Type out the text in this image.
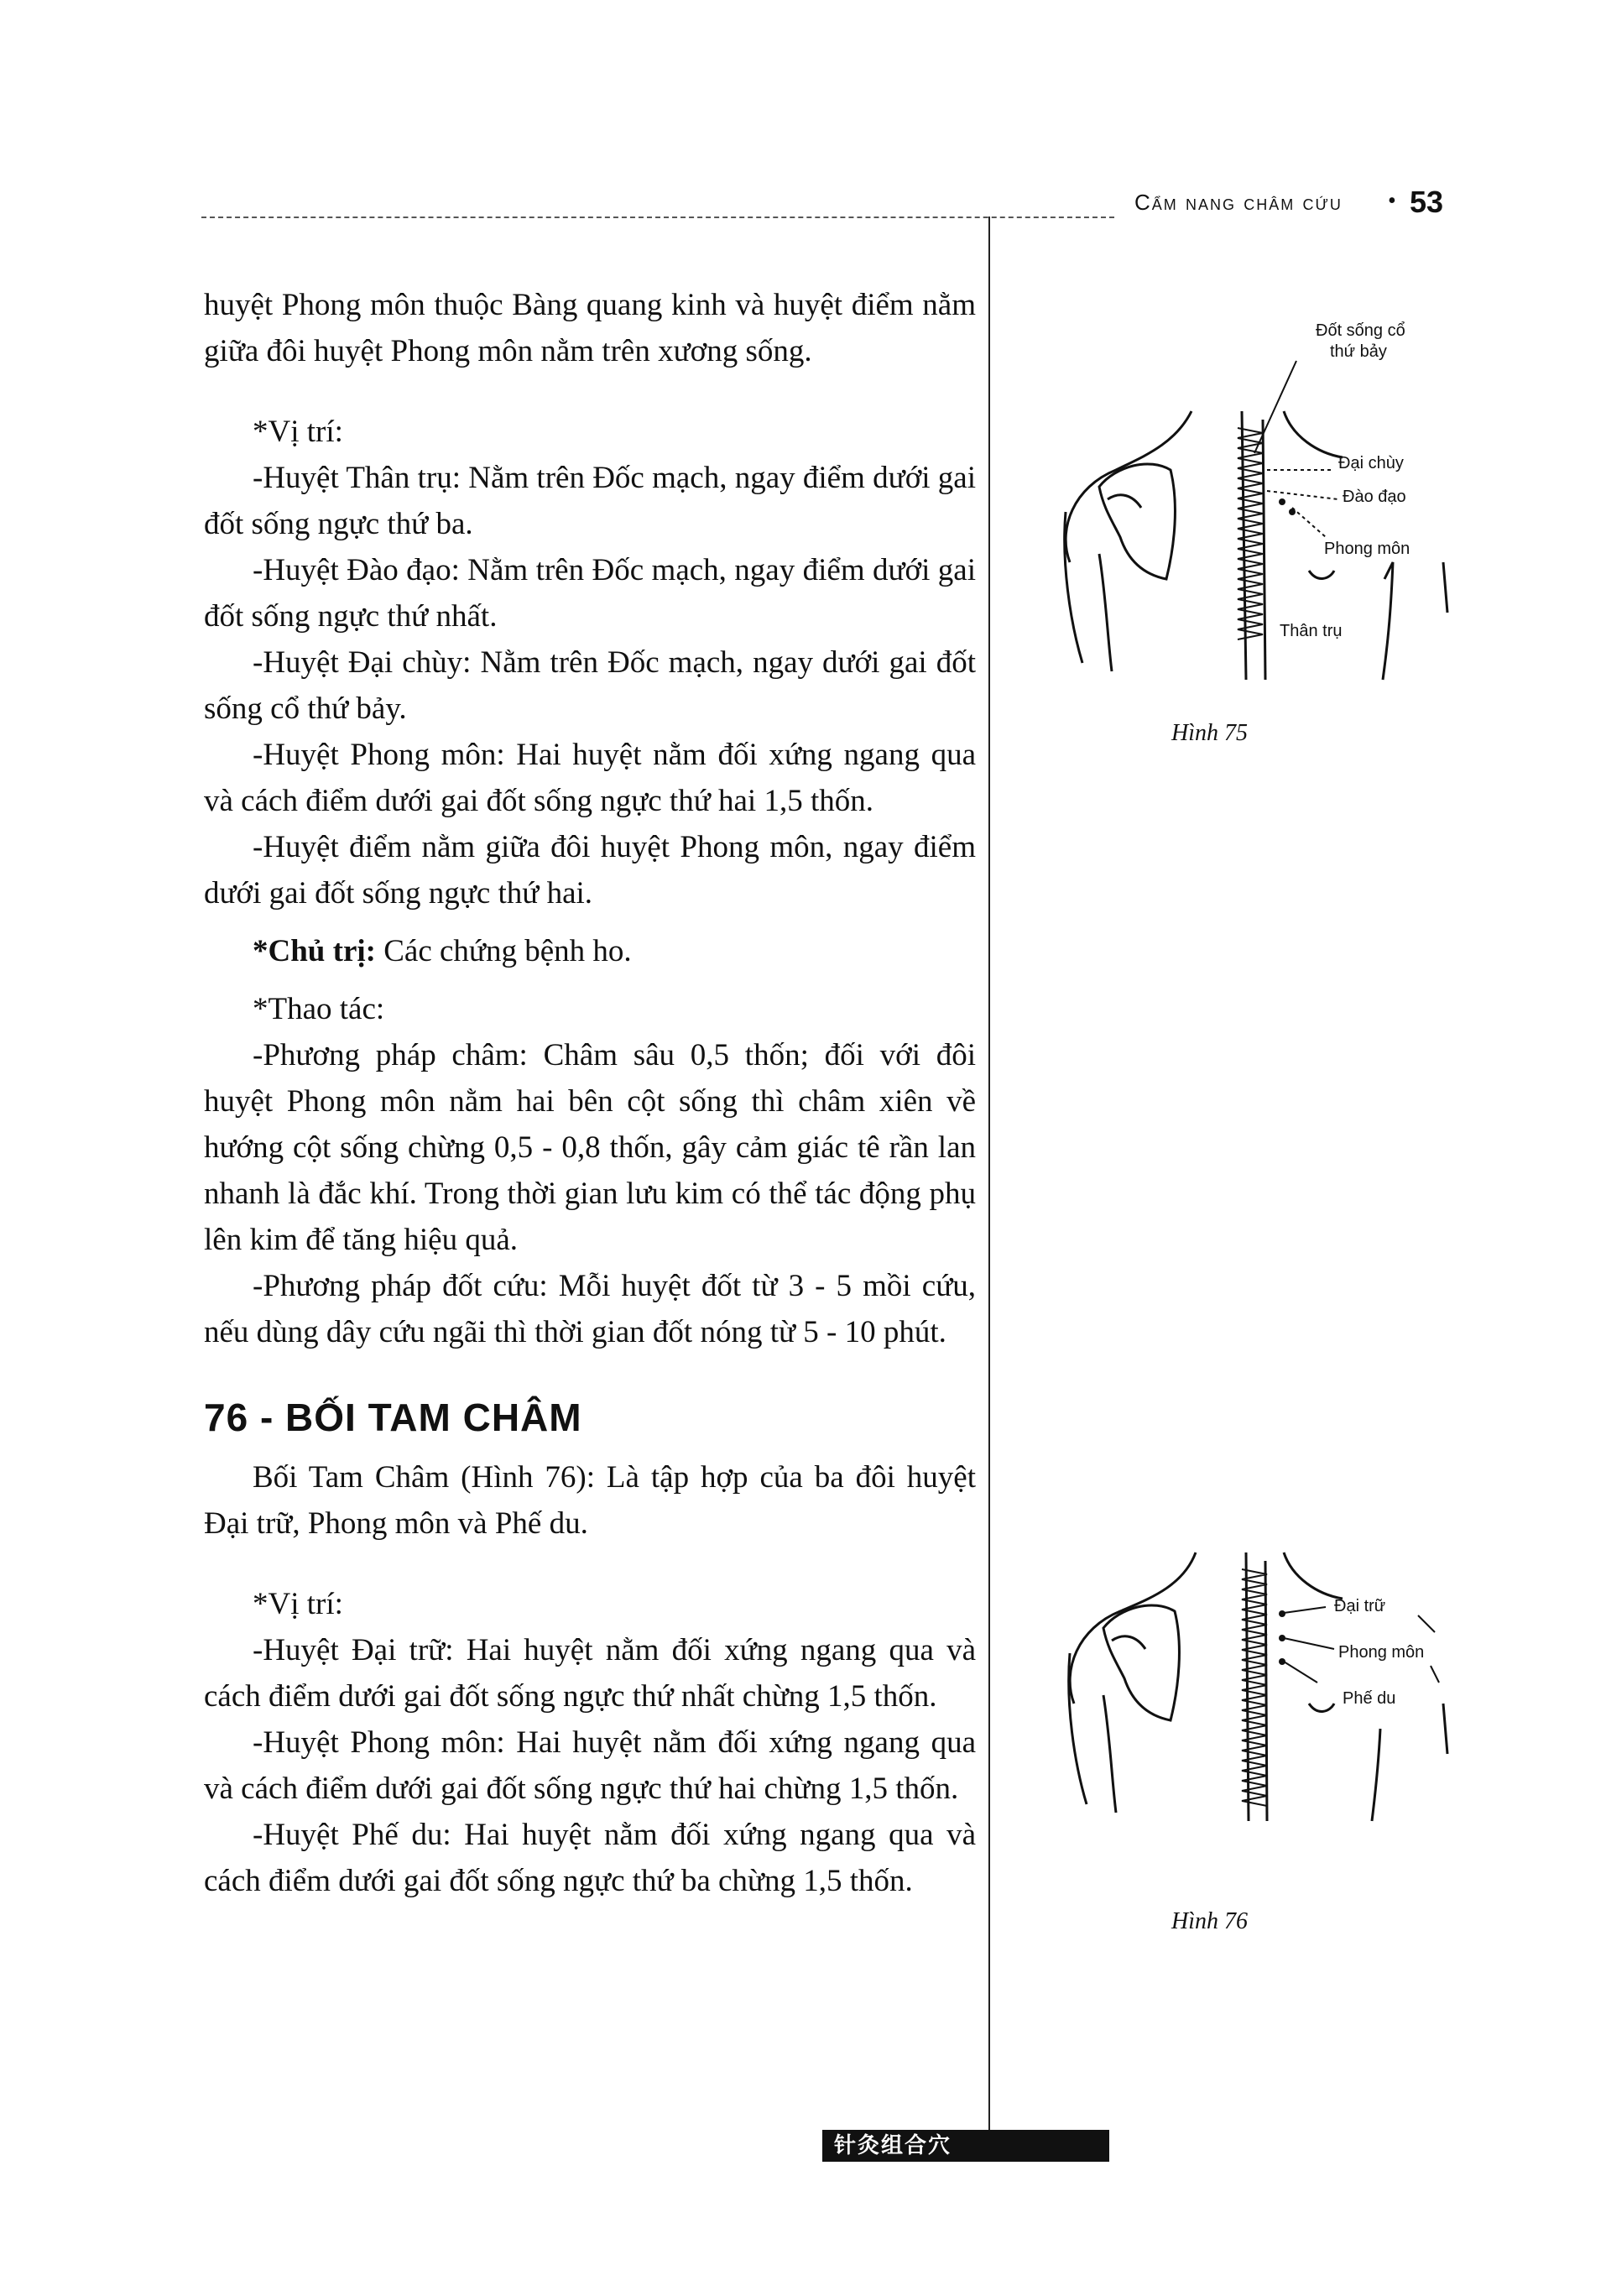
Cẩm nang châm cứu • 53

huyệt Phong môn thuộc Bàng quang kinh và huyệt điểm nằm giữa đôi huyệt Phong môn nằm trên xương sống.

*Vị trí:

-Huyệt Thân trụ: Nằm trên Đốc mạch, ngay điểm dưới gai đốt sống ngực thứ ba.

-Huyệt Đào đạo: Nằm trên Đốc mạch, ngay điểm dưới gai đốt sống ngực thứ nhất.

-Huyệt Đại chùy: Nằm trên Đốc mạch, ngay dưới gai đốt sống cổ thứ bảy.

-Huyệt Phong môn: Hai huyệt nằm đối xứng ngang qua và cách điểm dưới gai đốt sống ngực thứ hai 1,5 thốn.

-Huyệt điểm nằm giữa đôi huyệt Phong môn, ngay điểm dưới gai đốt sống ngực thứ hai.

*Chủ trị: Các chứng bệnh ho.

*Thao tác:

-Phương pháp châm: Châm sâu 0,5 thốn; đối với đôi huyệt Phong môn nằm hai bên cột sống thì châm xiên về hướng cột sống chừng 0,5 - 0,8 thốn, gây cảm giác tê rần lan nhanh là đắc khí. Trong thời gian lưu kim có thể tác động phụ lên kim để tăng hiệu quả.

-Phương pháp đốt cứu: Mỗi huyệt đốt từ 3 - 5 mồi cứu, nếu dùng dây cứu ngãi thì thời gian đốt nóng từ 5 - 10 phút.

76 - BỐI TAM CHÂM

Bối Tam Châm (Hình 76): Là tập hợp của ba đôi huyệt Đại trữ, Phong môn và Phế du.

*Vị trí:

-Huyệt Đại trữ: Hai huyệt nằm đối xứng ngang qua và cách điểm dưới gai đốt sống ngực thứ nhất chừng 1,5 thốn.

-Huyệt Phong môn: Hai huyệt nằm đối xứng ngang qua và cách điểm dưới gai đốt sống ngực thứ hai chừng 1,5 thốn.

-Huyệt Phế du: Hai huyệt nằm đối xứng ngang qua và cách điểm dưới gai đốt sống ngực thứ ba chừng 1,5 thốn.

Đốt sống cổ
thứ bảy
Đại chùy
Đào đạo
Phong môn
Thân trụ
Hình 75
Đại trữ
Phong môn
Phế du
Hình 76
针灸组合穴
